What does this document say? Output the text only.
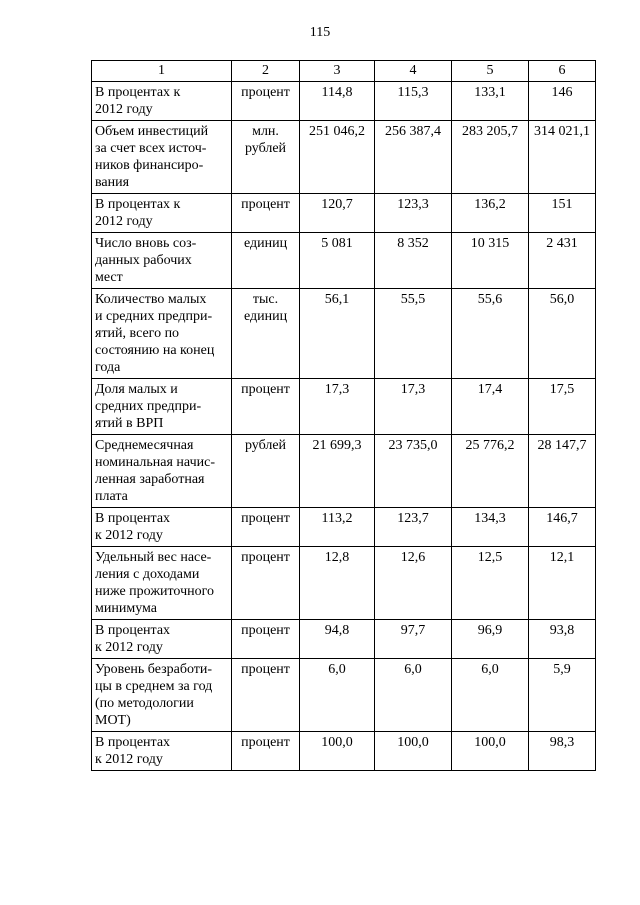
115
1	2	3	4	5	6
В процентах к
2012 году	процент	114,8	115,3	133,1	146
Объем инвестиций
за счет всех источ-
ников финансиро-
вания	млн.
рублей	251 046,2	256 387,4	283 205,7	314 021,1
В процентах к
2012 году	процент	120,7	123,3	136,2	151
Число вновь соз-
данных рабочих
мест	единиц	5 081	8 352	10 315	2 431
Количество малых
и средних предпри-
ятий, всего по
состоянию на конец
года	тыс.
единиц	56,1	55,5	55,6	56,0
Доля малых и
средних предпри-
ятий в ВРП	процент	17,3	17,3	17,4	17,5
Среднемесячная
номинальная начис-
ленная заработная
плата	рублей	21 699,3	23 735,0	25 776,2	28 147,7
В процентах
к 2012 году	процент	113,2	123,7	134,3	146,7
Удельный вес насе-
ления с доходами
ниже прожиточного
минимума	процент	12,8	12,6	12,5	12,1
В процентах
к 2012 году	процент	94,8	97,7	96,9	93,8
Уровень безработи-
цы в среднем за год
(по методологии
МОТ)	процент	6,0	6,0	6,0	5,9
В процентах
к 2012 году	процент	100,0	100,0	100,0	98,3
